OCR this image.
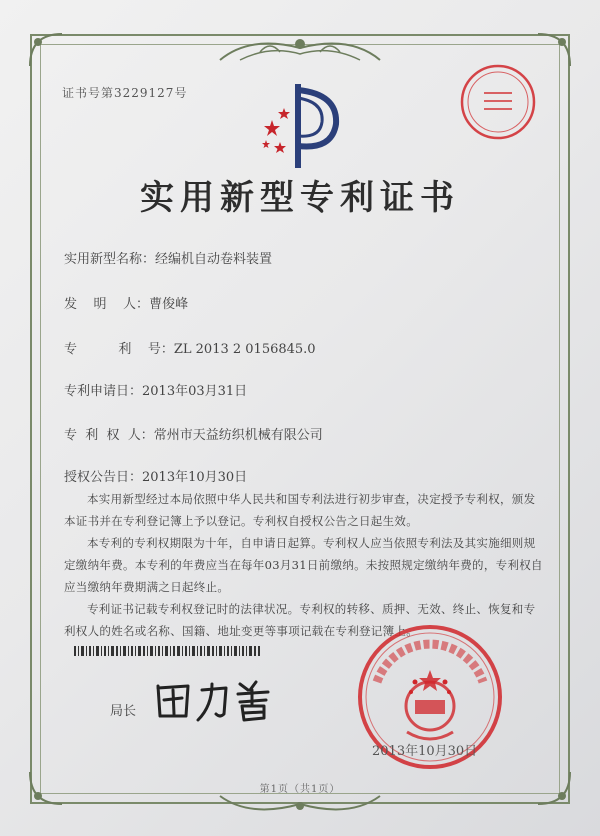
证书号第3229127号
实用新型专利证书
实用新型名称：经编机自动卷料装置
发    明    人：曹俊峰
专          利    号：ZL 2013 2 0156845.0
专利申请日：2013年03月31日
专  利  权  人：常州市天益纺织机械有限公司
授权公告日：2013年10月30日

本实用新型经过本局依照中华人民共和国专利法进行初步审查，决定授予专利权，颁发本证书并在专利登记簿上予以登记。专利权自授权公告之日起生效。

本专利的专利权期限为十年，自申请日起算。专利权人应当依照专利法及其实施细则规定缴纳年费。本专利的年费应当在每年03月31日前缴纳。未按照规定缴纳年费的，专利权自应当缴纳年费期满之日起终止。

专利证书记载专利权登记时的法律状况。专利权的转移、质押、无效、终止、恢复和专利权人的姓名或名称、国籍、地址变更等事项记载在专利登记簿上。

局长
2013年10月30日
第1页（共1页）
